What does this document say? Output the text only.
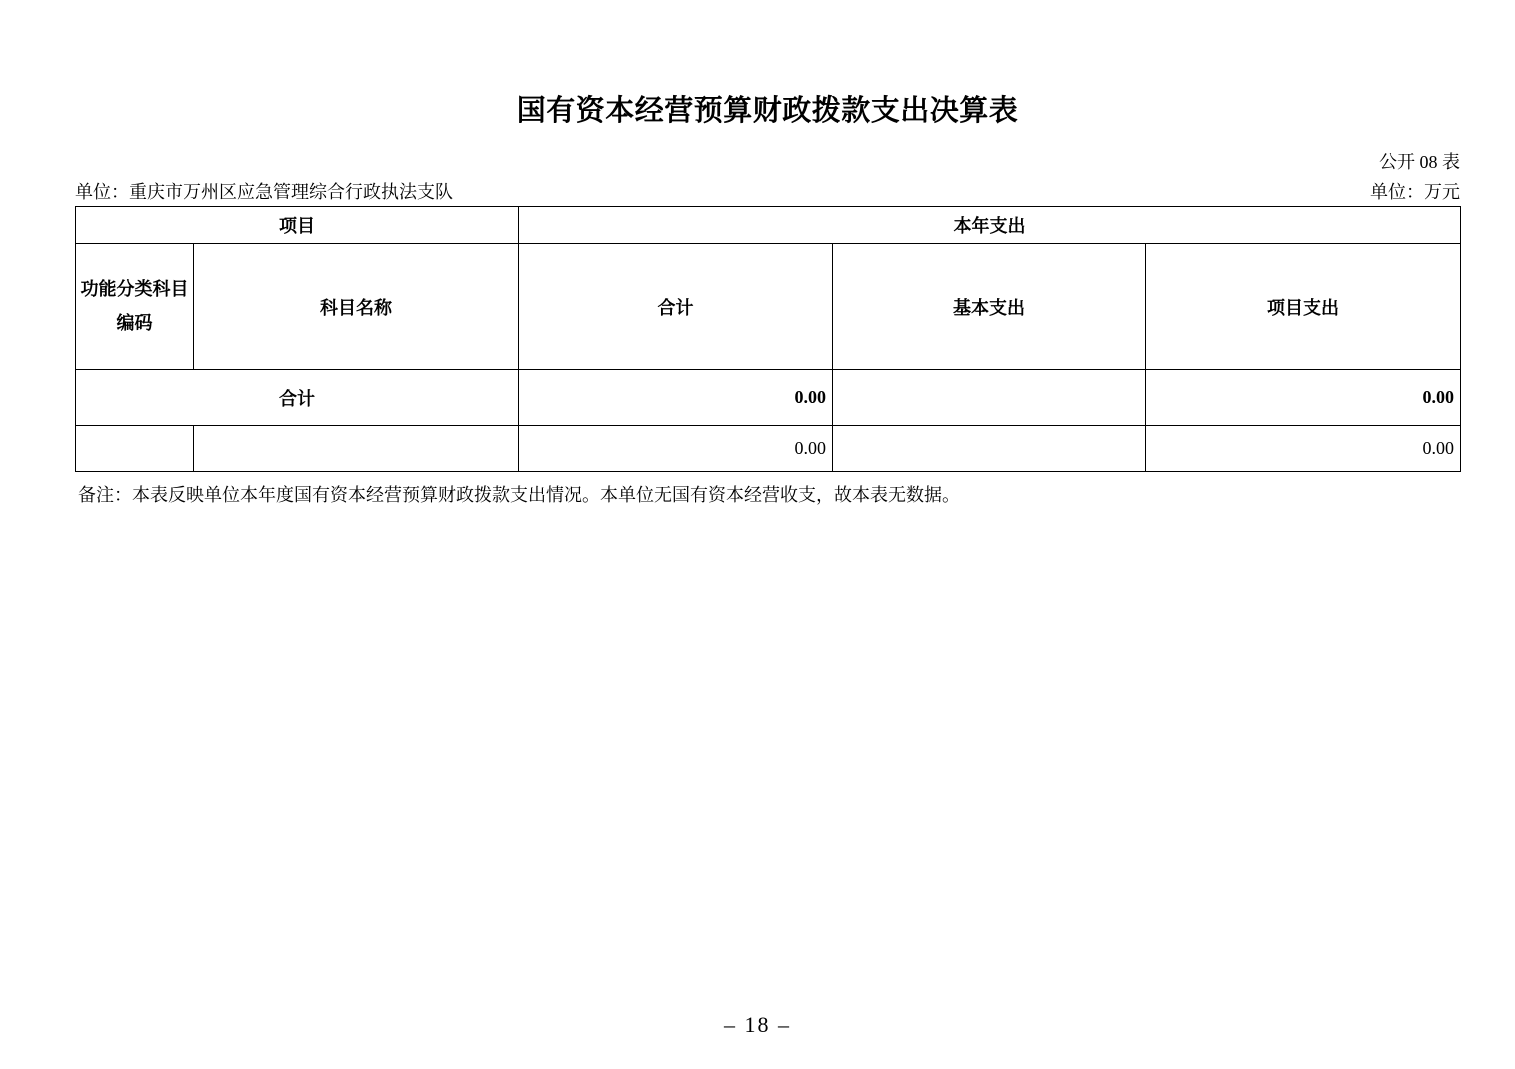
国有资本经营预算财政拨款支出决算表
公开 08 表
单位：重庆市万州区应急管理综合行政执法支队	单位：万元
项目		本年支出		
功能分类科目编码	科目名称	合计	基本支出	项目支出
合计		0.00		0.00
		0.00		0.00
备注：本表反映单位本年度国有资本经营预算财政拨款支出情况。本单位无国有资本经营收支，故本表无数据。
– 18 –
